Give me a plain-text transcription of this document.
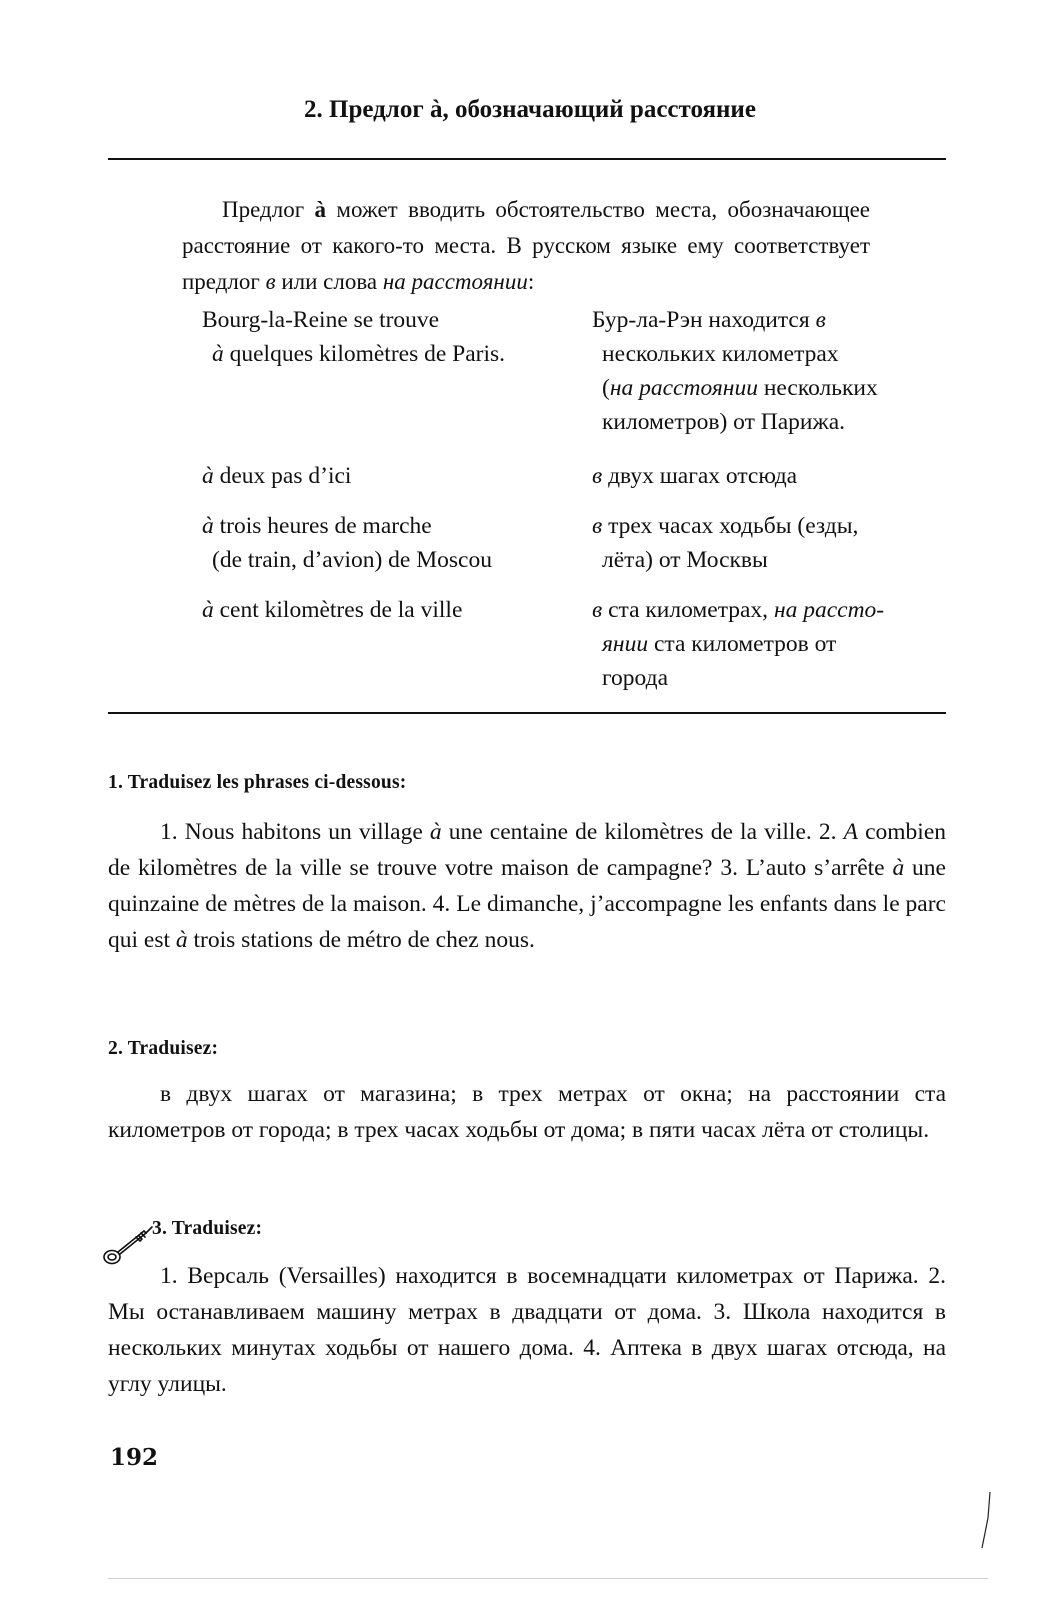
2. Предлог à, обозначающий расстояние

Предлог à может вводить обстоятельство места, обозначающее расстояние от какого-то места. В русском языке ему соответствует предлог в или слова на расстоянии:

Bourg-la-Reine se trouve
à quelques kilomètres de Paris.
Бур-ла-Рэн находится в
нескольких километрах
(на расстоянии нескольких
километров) от Парижа.
à deux pas d’ici	в двух шагах отсюда
à trois heures de marche
(de train, d’avion) de Moscou
в трех часах ходьбы (езды,
лёта) от Москвы
à cent kilomètres de la ville	в ста километрах, на рассто-
янии ста километров от
города
1. Traduisez les phrases ci-dessous:

1. Nous habitons un village à une centaine de kilomètres de la ville. 2. A combien de kilomètres de la ville se trouve votre maison de campagne? 3. L’auto s’arrête à une quinzaine de mètres de la maison. 4. Le dimanche, j’accompagne les enfants dans le parc qui est à trois stations de métro de chez nous.

2. Traduisez:

в двух шагах от магазина; в трех метрах от окна; на расстоянии ста километров от города; в трех часах ходьбы от дома; в пяти часах лёта от столицы.

3. Traduisez:

1. Версаль (Versailles) находится в восемнадцати километрах от Парижа. 2. Мы останавливаем машину метрах в двадцати от дома. 3. Школа находится в нескольких минутах ходьбы от нашего дома. 4. Аптека в двух шагах отсюда, на углу улицы.

192
